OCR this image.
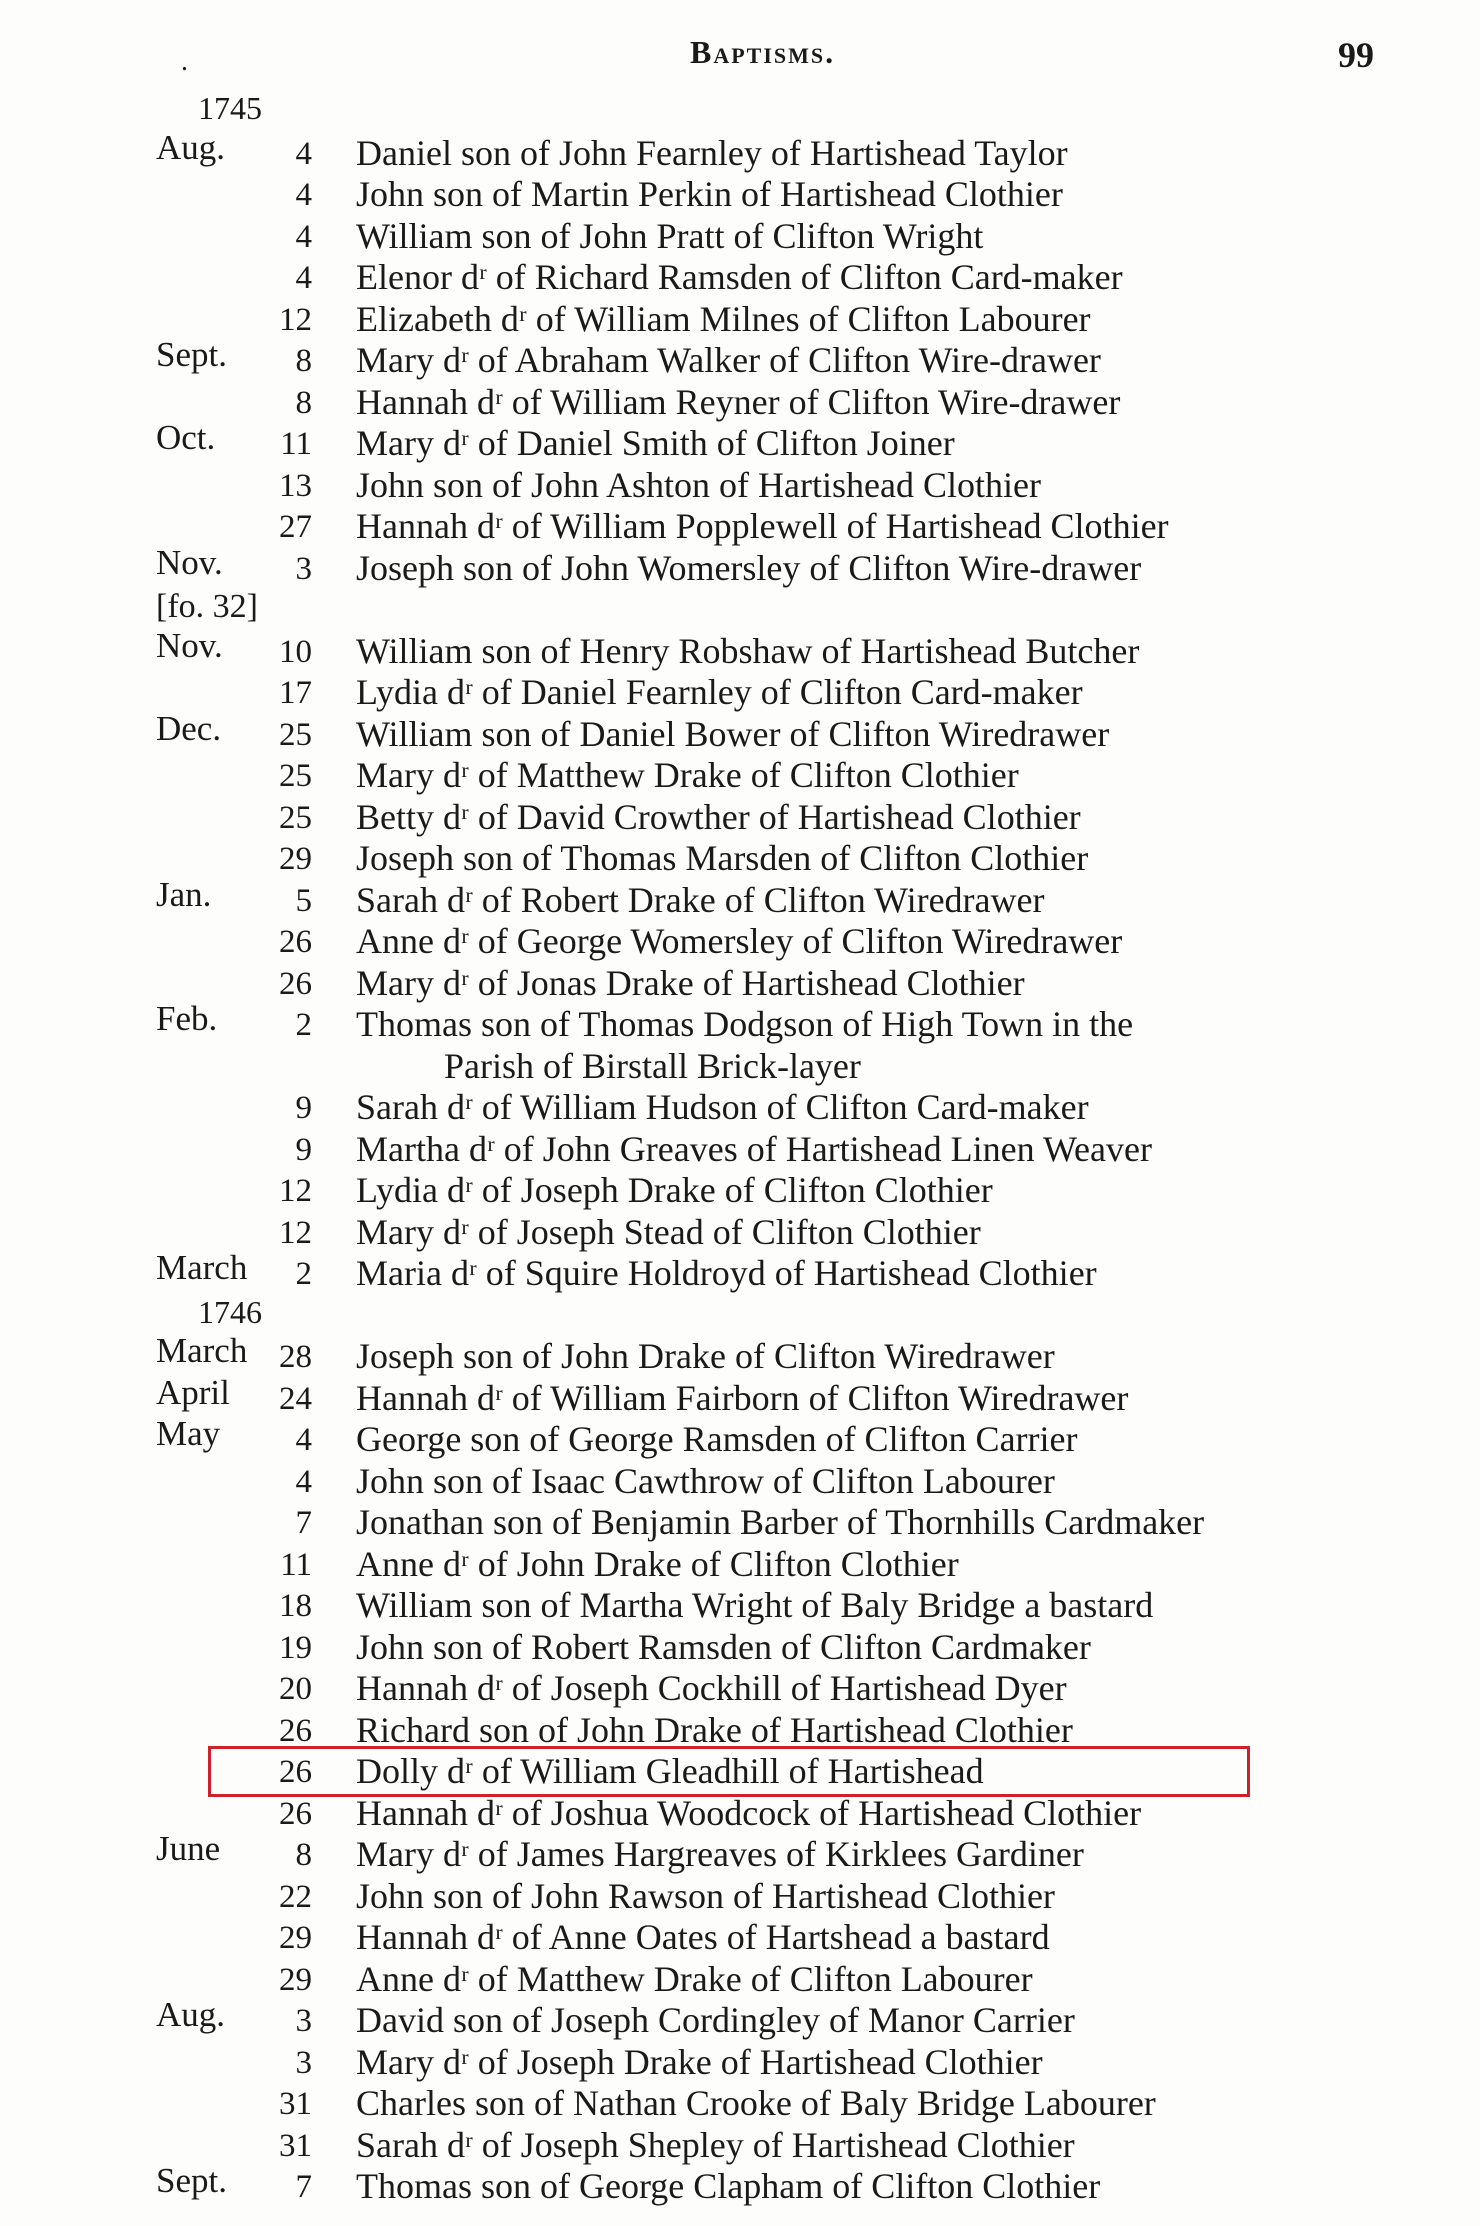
.	Baptisms.	99
1745
Aug.	4 Daniel son of John Fearnley of Hartishead Taylor
4 John son of Martin Perkin of Hartishead Clothier
4 William son of John Pratt of Clifton Wright
4 Elenor dʳ of Richard Ramsden of Clifton Card-maker
12 Elizabeth dʳ of William Milnes of Clifton Labourer
Sept.	8 Mary dʳ of Abraham Walker of Clifton Wire-drawer
8 Hannah dʳ of William Reyner of Clifton Wire-drawer
Oct.	11 Mary dʳ of Daniel Smith of Clifton Joiner
13 John son of John Ashton of Hartishead Clothier
27 Hannah dʳ of William Popplewell of Hartishead Clothier
Nov.	3 Joseph son of John Womersley of Clifton Wire-drawer
[fo. 32]
Nov.	10 William son of Henry Robshaw of Hartishead Butcher
17 Lydia dʳ of Daniel Fearnley of Clifton Card-maker
Dec.	25 William son of Daniel Bower of Clifton Wiredrawer
25 Mary dʳ of Matthew Drake of Clifton Clothier
25 Betty dʳ of David Crowther of Hartishead Clothier
29 Joseph son of Thomas Marsden of Clifton Clothier
Jan.	5 Sarah dʳ of Robert Drake of Clifton Wiredrawer
26 Anne dʳ of George Womersley of Clifton Wiredrawer
26 Mary dʳ of Jonas Drake of Hartishead Clothier
Feb.	2 Thomas son of Thomas Dodgson of High Town in the
Parish of Birstall Brick-layer
9 Sarah dʳ of William Hudson of Clifton Card-maker
9 Martha dʳ of John Greaves of Hartishead Linen Weaver
12 Lydia dʳ of Joseph Drake of Clifton Clothier
12 Mary dʳ of Joseph Stead of Clifton Clothier
March	2 Maria dʳ of Squire Holdroyd of Hartishead Clothier
1746
March 28 Joseph son of John Drake of Clifton Wiredrawer
April	24 Hannah dʳ of William Fairborn of Clifton Wiredrawer
May	4 George son of George Ramsden of Clifton Carrier
4 John son of Isaac Cawthrow of Clifton Labourer
7 Jonathan son of Benjamin Barber of Thornhills Cardmaker
11 Anne dʳ of John Drake of Clifton Clothier
18 William son of Martha Wright of Baly Bridge a bastard
19 John son of Robert Ramsden of Clifton Cardmaker
20 Hannah dʳ of Joseph Cockhill of Hartishead Dyer
26 Richard son of John Drake of Hartishead Clothier
26 Dolly dʳ of William Gleadhill of Hartishead
26 Hannah dʳ of Joshua Woodcock of Hartishead Clothier
June	8 Mary dʳ of James Hargreaves of Kirklees Gardiner
22 John son of John Rawson of Hartishead Clothier
29 Hannah dʳ of Anne Oates of Hartshead a bastard
29 Anne dʳ of Matthew Drake of Clifton Labourer
Aug.	3 David son of Joseph Cordingley of Manor Carrier
3 Mary dʳ of Joseph Drake of Hartishead Clothier
31 Charles son of Nathan Crooke of Baly Bridge Labourer
31 Sarah dʳ of Joseph Shepley of Hartishead Clothier
Sept.	7 Thomas son of George Clapham of Clifton Clothier
